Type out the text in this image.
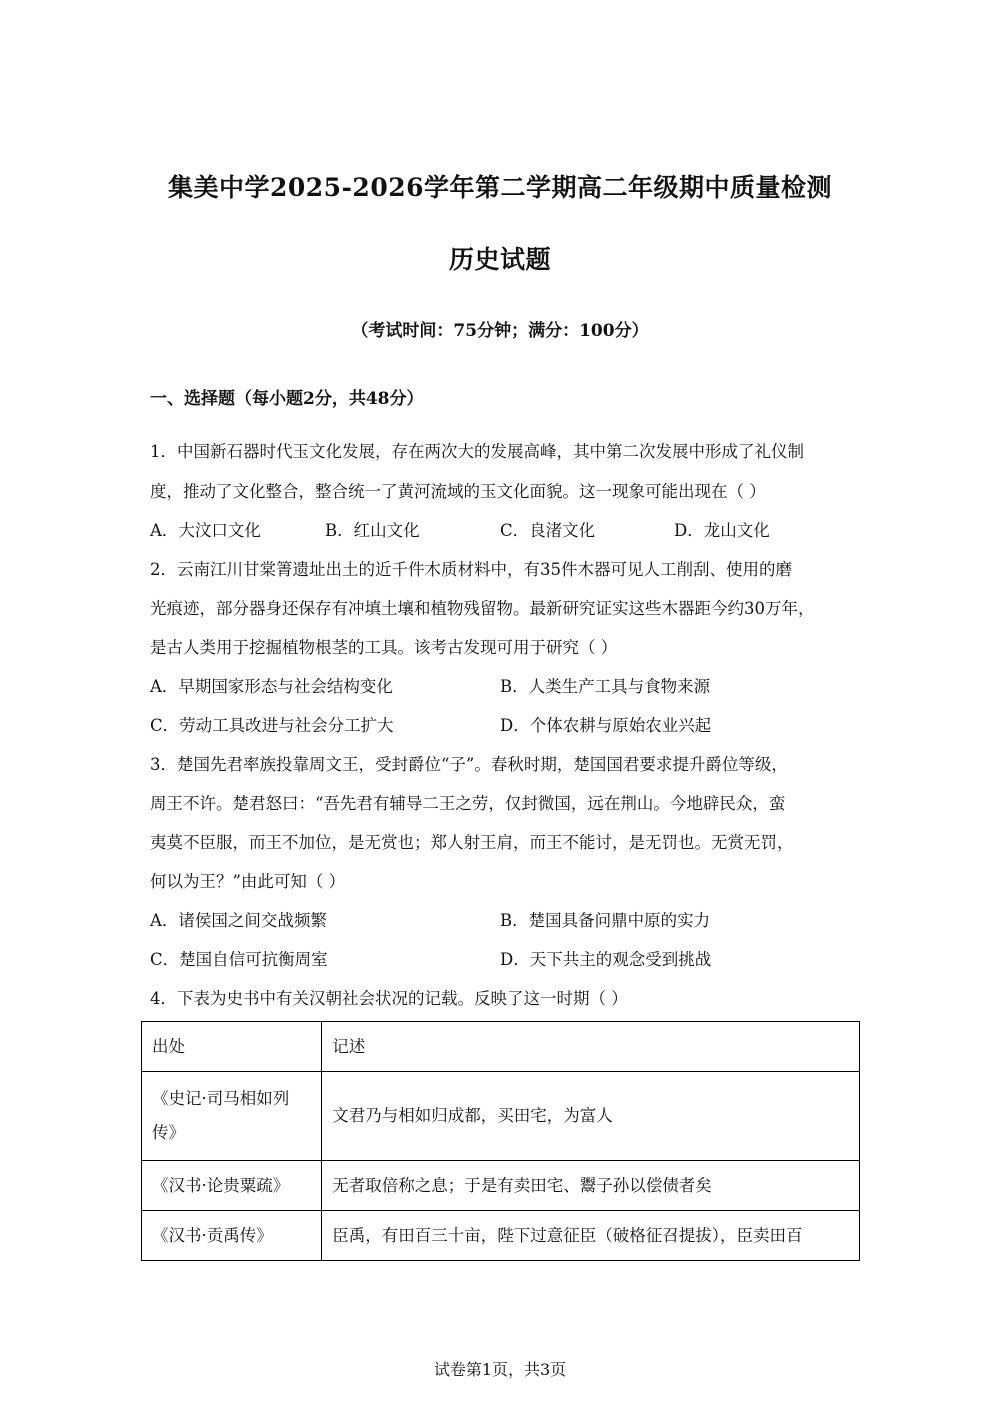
集美中学2025-2026学年第二学期高二年级期中质量检测
历史试题
（考试时间：75分钟；满分：100分）
一、选择题（每小题2分，共48分）
1．中国新石器时代玉文化发展，存在两次大的发展高峰，其中第二次发展中形成了礼仪制
度，推动了文化整合，整合统一了黄河流域的玉文化面貌。这一现象可能出现在（ ）
A．大汶口文化	B．红山文化	C．良渚文化	D．龙山文化
2．云南江川甘棠箐遗址出土的近千件木质材料中，有35件木器可见人工削刮、使用的磨
光痕迹，部分器身还保存有冲填土壤和植物残留物。最新研究证实这些木器距今约30万年，
是古人类用于挖掘植物根茎的工具。该考古发现可用于研究（ ）
A．早期国家形态与社会结构变化	B．人类生产工具与食物来源
C．劳动工具改进与社会分工扩大	D．个体农耕与原始农业兴起
3．楚国先君率族投靠周文王，受封爵位“子”。春秋时期，楚国国君要求提升爵位等级，
周王不许。楚君怒曰：“吾先君有辅导二王之劳，仅封微国，远在荆山。今地辟民众，蛮
夷莫不臣服，而王不加位，是无赏也；郑人射王肩，而王不能讨，是无罚也。无赏无罚，
何以为王？”由此可知（ ）
A．诸侯国之间交战频繁	B．楚国具备问鼎中原的实力
C．楚国自信可抗衡周室	D．天下共主的观念受到挑战
4．下表为史书中有关汉朝社会状况的记载。反映了这一时期（ ）
出处	记述
《史记·司马相如列传》	文君乃与相如归成都，买田宅，为富人
《汉书·论贵粟疏》	无者取倍称之息；于是有卖田宅、鬻子孙以偿债者矣
《汉书·贡禹传》	臣禹，有田百三十亩，陛下过意征臣（破格征召提拔），臣卖田百
试卷第1页，共3页
